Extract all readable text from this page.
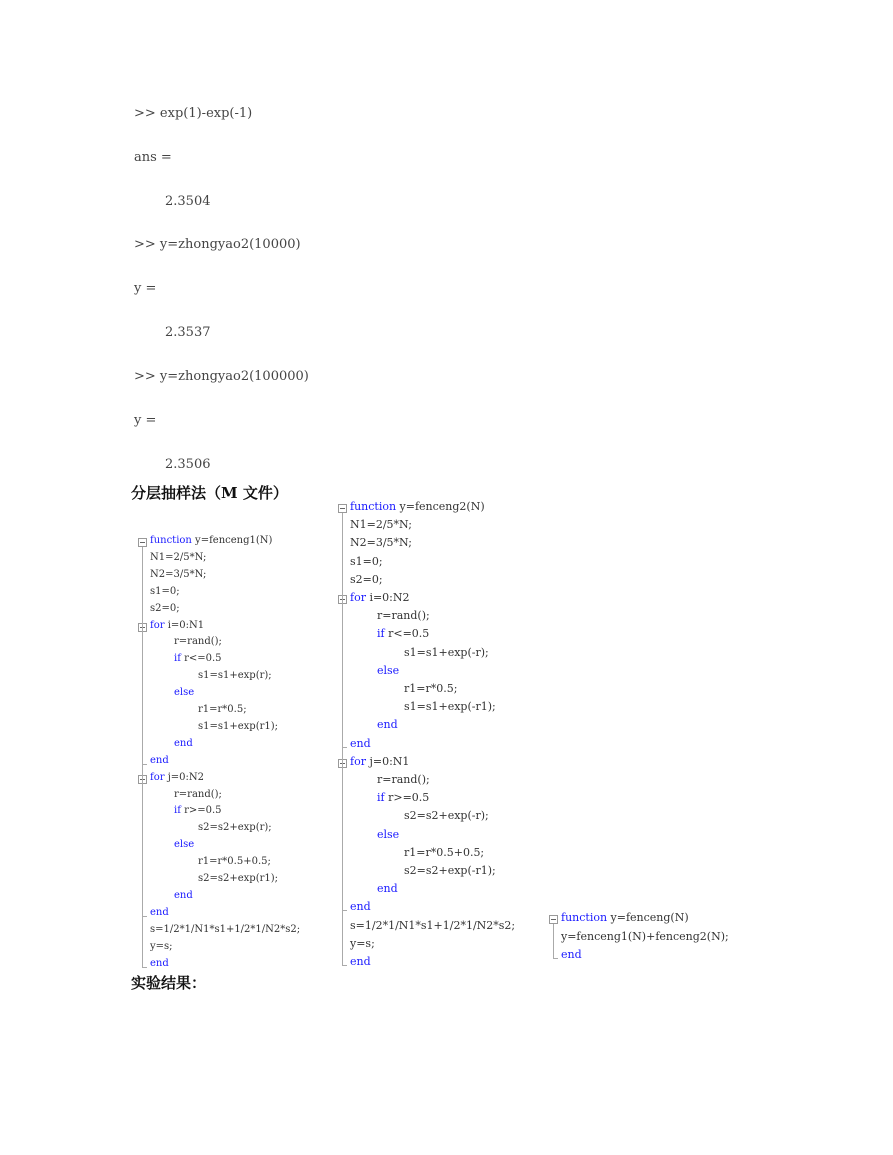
>> exp(1)-exp(-1)
ans =
2.3504
>> y=zhongyao2(10000)
y =
2.3537
>> y=zhongyao2(100000)
y =
2.3506
分层抽样法（M 文件）
实验结果：
function y=fenceng1(N)
N1=2/5*N;
N2=3/5*N;
s1=0;
s2=0;
for i=0:N1
r=rand();
if r<=0.5
s1=s1+exp(r);
else
r1=r*0.5;
s1=s1+exp(r1);
end
end
for j=0:N2
r=rand();
if r>=0.5
s2=s2+exp(r);
else
r1=r*0.5+0.5;
s2=s2+exp(r1);
end
end
s=1/2*1/N1*s1+1/2*1/N2*s2;
y=s;
end
function y=fenceng2(N)
N1=2/5*N;
N2=3/5*N;
s1=0;
s2=0;
for i=0:N2
r=rand();
if r<=0.5
s1=s1+exp(-r);
else
r1=r*0.5;
s1=s1+exp(-r1);
end
end
for j=0:N1
r=rand();
if r>=0.5
s2=s2+exp(-r);
else
r1=r*0.5+0.5;
s2=s2+exp(-r1);
end
end
s=1/2*1/N1*s1+1/2*1/N2*s2;
y=s;
end
function y=fenceng(N)
y=fenceng1(N)+fenceng2(N);
end
